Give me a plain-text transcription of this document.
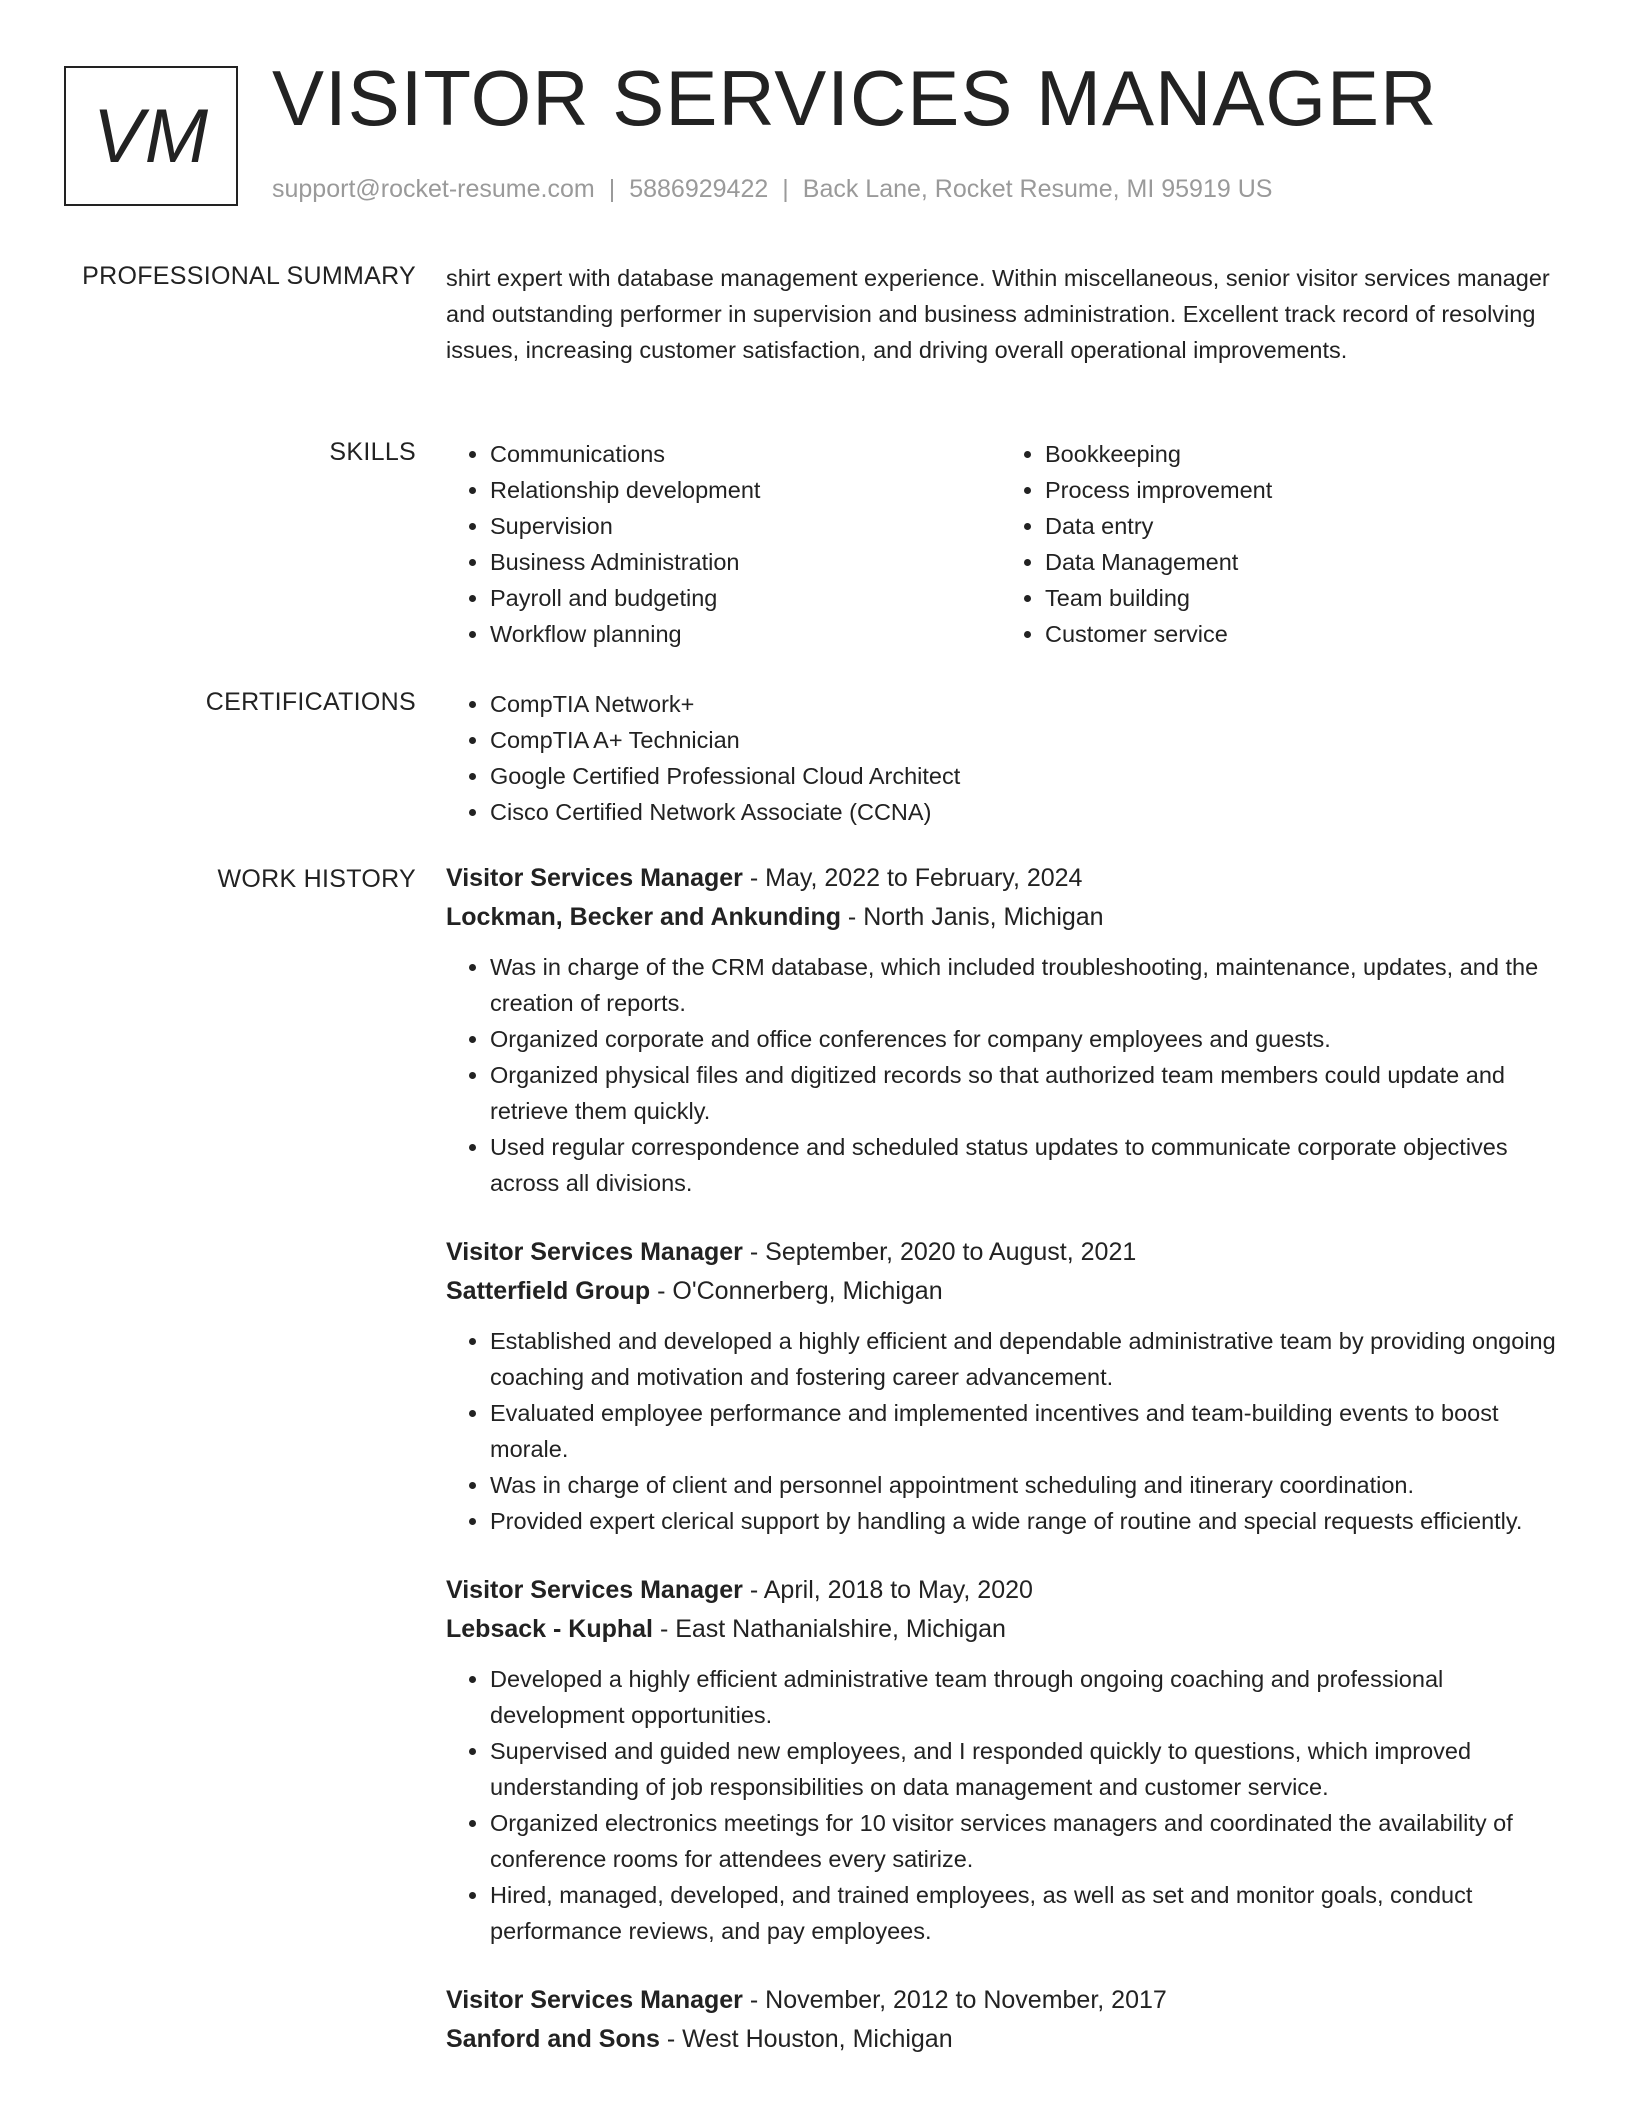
VM VISITOR SERVICES MANAGER
support@rocket-resume.com | 5886929422 | Back Lane, Rocket Resume, MI 95919 US
PROFESSIONAL SUMMARY shirt expert with database management experience. Within miscellaneous, senior visitor services manager and outstanding performer in supervision and business administration. Excellent track record of resolving issues, increasing customer satisfaction, and driving overall operational improvements.

SKILLS	• Communications
• Relationship development
• Supervision
• Business Administration
• Payroll and budgeting
• Workflow planning
• Bookkeeping
• Process improvement
• Data entry
• Data Management
• Team building
• Customer service
CERTIFICATIONS	• CompTIA Network+
• CompTIA A+ Technician
• Google Certified Professional Cloud Architect
• Cisco Certified Network Associate (CCNA)
WORK HISTORY Visitor Services Manager - May, 2022 to February, 2024
Lockman, Becker and Ankunding - North Janis, Michigan
• Was in charge of the CRM database, which included troubleshooting, maintenance, updates, and the creation of reports.
• Organized corporate and office conferences for company employees and guests.
• Organized physical files and digitized records so that authorized team members could update and retrieve them quickly.
• Used regular correspondence and scheduled status updates to communicate corporate objectives across all divisions.
Visitor Services Manager - September, 2020 to August, 2021
Satterfield Group - O'Connerberg, Michigan
• Established and developed a highly efficient and dependable administrative team by providing ongoing coaching and motivation and fostering career advancement.
• Evaluated employee performance and implemented incentives and team-building events to boost morale.
• Was in charge of client and personnel appointment scheduling and itinerary coordination.
• Provided expert clerical support by handling a wide range of routine and special requests efficiently.
Visitor Services Manager - April, 2018 to May, 2020
Lebsack - Kuphal - East Nathanialshire, Michigan
• Developed a highly efficient administrative team through ongoing coaching and professional development opportunities.
• Supervised and guided new employees, and I responded quickly to questions, which improved understanding of job responsibilities on data management and customer service.
• Organized electronics meetings for 10 visitor services managers and coordinated the availability of conference rooms for attendees every satirize.
• Hired, managed, developed, and trained employees, as well as set and monitor goals, conduct performance reviews, and pay employees.
Visitor Services Manager - November, 2012 to November, 2017
Sanford and Sons - West Houston, Michigan
